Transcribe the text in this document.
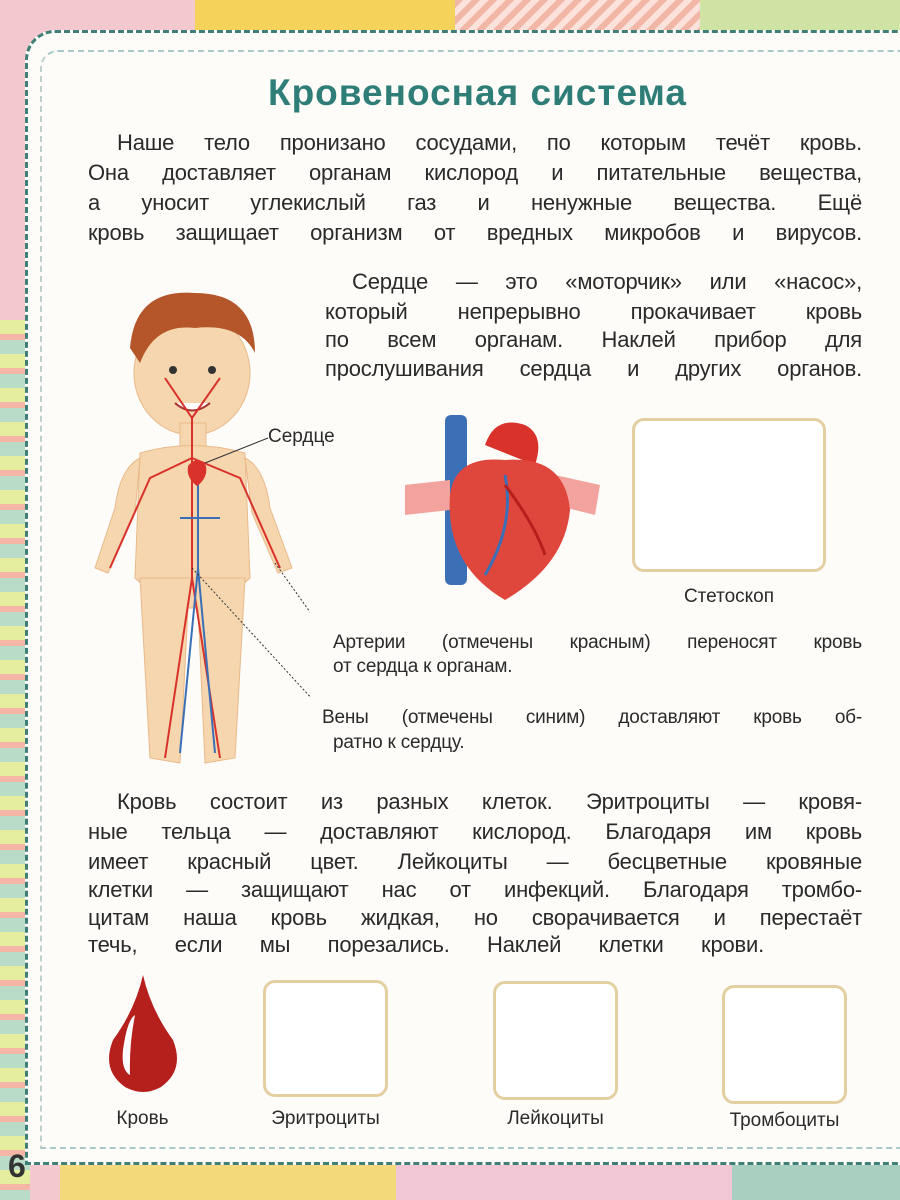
Кровеносная система
Наше тело пронизано сосудами, по которым течёт кровь.
Она доставляет органам кислород и питательные вещества,
а уносит углекислый газ и ненужные вещества. Ещё
кровь защищает организм от вредных микробов и вирусов.
Сердце — это «моторчик» или «насос»,
который непрерывно прокачивает кровь
по всем органам. Наклей прибор для
прослушивания сердца и других органов.
Сердце
Стетоскоп
Артерии (отмечены красным) переносят кровь
от сердца к органам.
Вены (отмечены синим) доставляют кровь об-
ратно к сердцу.
Кровь состоит из разных клеток. Эритроциты — кровя-
ные тельца — доставляют кислород. Благодаря им кровь
имеет красный цвет. Лейкоциты — бесцветные кровяные
клетки — защищают нас от инфекций. Благодаря тромбо-
цитам наша кровь жидкая, но сворачивается и перестаёт
течь, если мы порезались. Наклей клетки крови.
Кровь	Эритроциты	Лейкоциты	Тромбоциты
6
